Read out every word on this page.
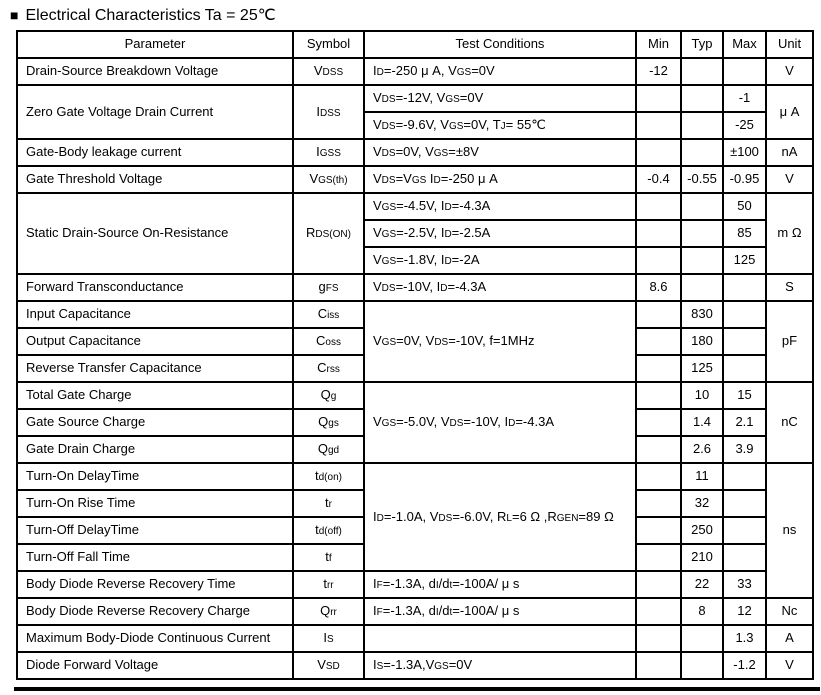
■ Electrical Characteristics Ta = 25℃
Parameter	Symbol	Test Conditions	Min	Typ	Max	Unit
Drain-Source Breakdown Voltage	VDSS	ID=-250 μ A, VGS=0V	-12			V
Zero Gate Voltage Drain Current	IDSS	VDS=-12V, VGS=0V			-1	μ A
		VDS=-9.6V, VGS=0V, TJ= 55℃			-25	
Gate-Body leakage current	IGSS	VDS=0V, VGS=±8V			±100	nA
Gate Threshold Voltage	VGS(th)	VDS=VGS ID=-250 μ A	-0.4	-0.55	-0.95	V
Static Drain-Source On-Resistance	RDS(ON)	VGS=-4.5V, ID=-4.3A			50	m Ω
		VGS=-2.5V, ID=-2.5A			85	
		VGS=-1.8V, ID=-2A			125	
Forward Transconductance	gFS	VDS=-10V, ID=-4.3A	8.6			S
Input Capacitance	Ciss	VGS=0V, VDS=-10V, f=1MHz		830		pF
Output Capacitance	Coss			180		
Reverse Transfer Capacitance	Crss			125		
Total Gate Charge	Qg	VGS=-5.0V, VDS=-10V, ID=-4.3A		10	15	nC
Gate Source Charge	Qgs			1.4	2.1	
Gate Drain Charge	Qgd			2.6	3.9	
Turn-On DelayTime	td(on)	ID=-1.0A, VDS=-6.0V, RL=6 Ω ,RGEN=89 Ω		11		ns
Turn-On Rise Time	tr			32		
Turn-Off DelayTime	td(off)			250		
Turn-Off Fall Time	tf			210		
Body Diode Reverse Recovery Time	trr	IF=-1.3A, dI/dt=-100A/ μ s		22	33	
Body Diode Reverse Recovery Charge	Qrr	IF=-1.3A, dI/dt=-100A/ μ s		8	12	Nc
Maximum Body-Diode Continuous Current	IS				1.3	A
Diode Forward Voltage	VSD	IS=-1.3A,VGS=0V			-1.2	V
